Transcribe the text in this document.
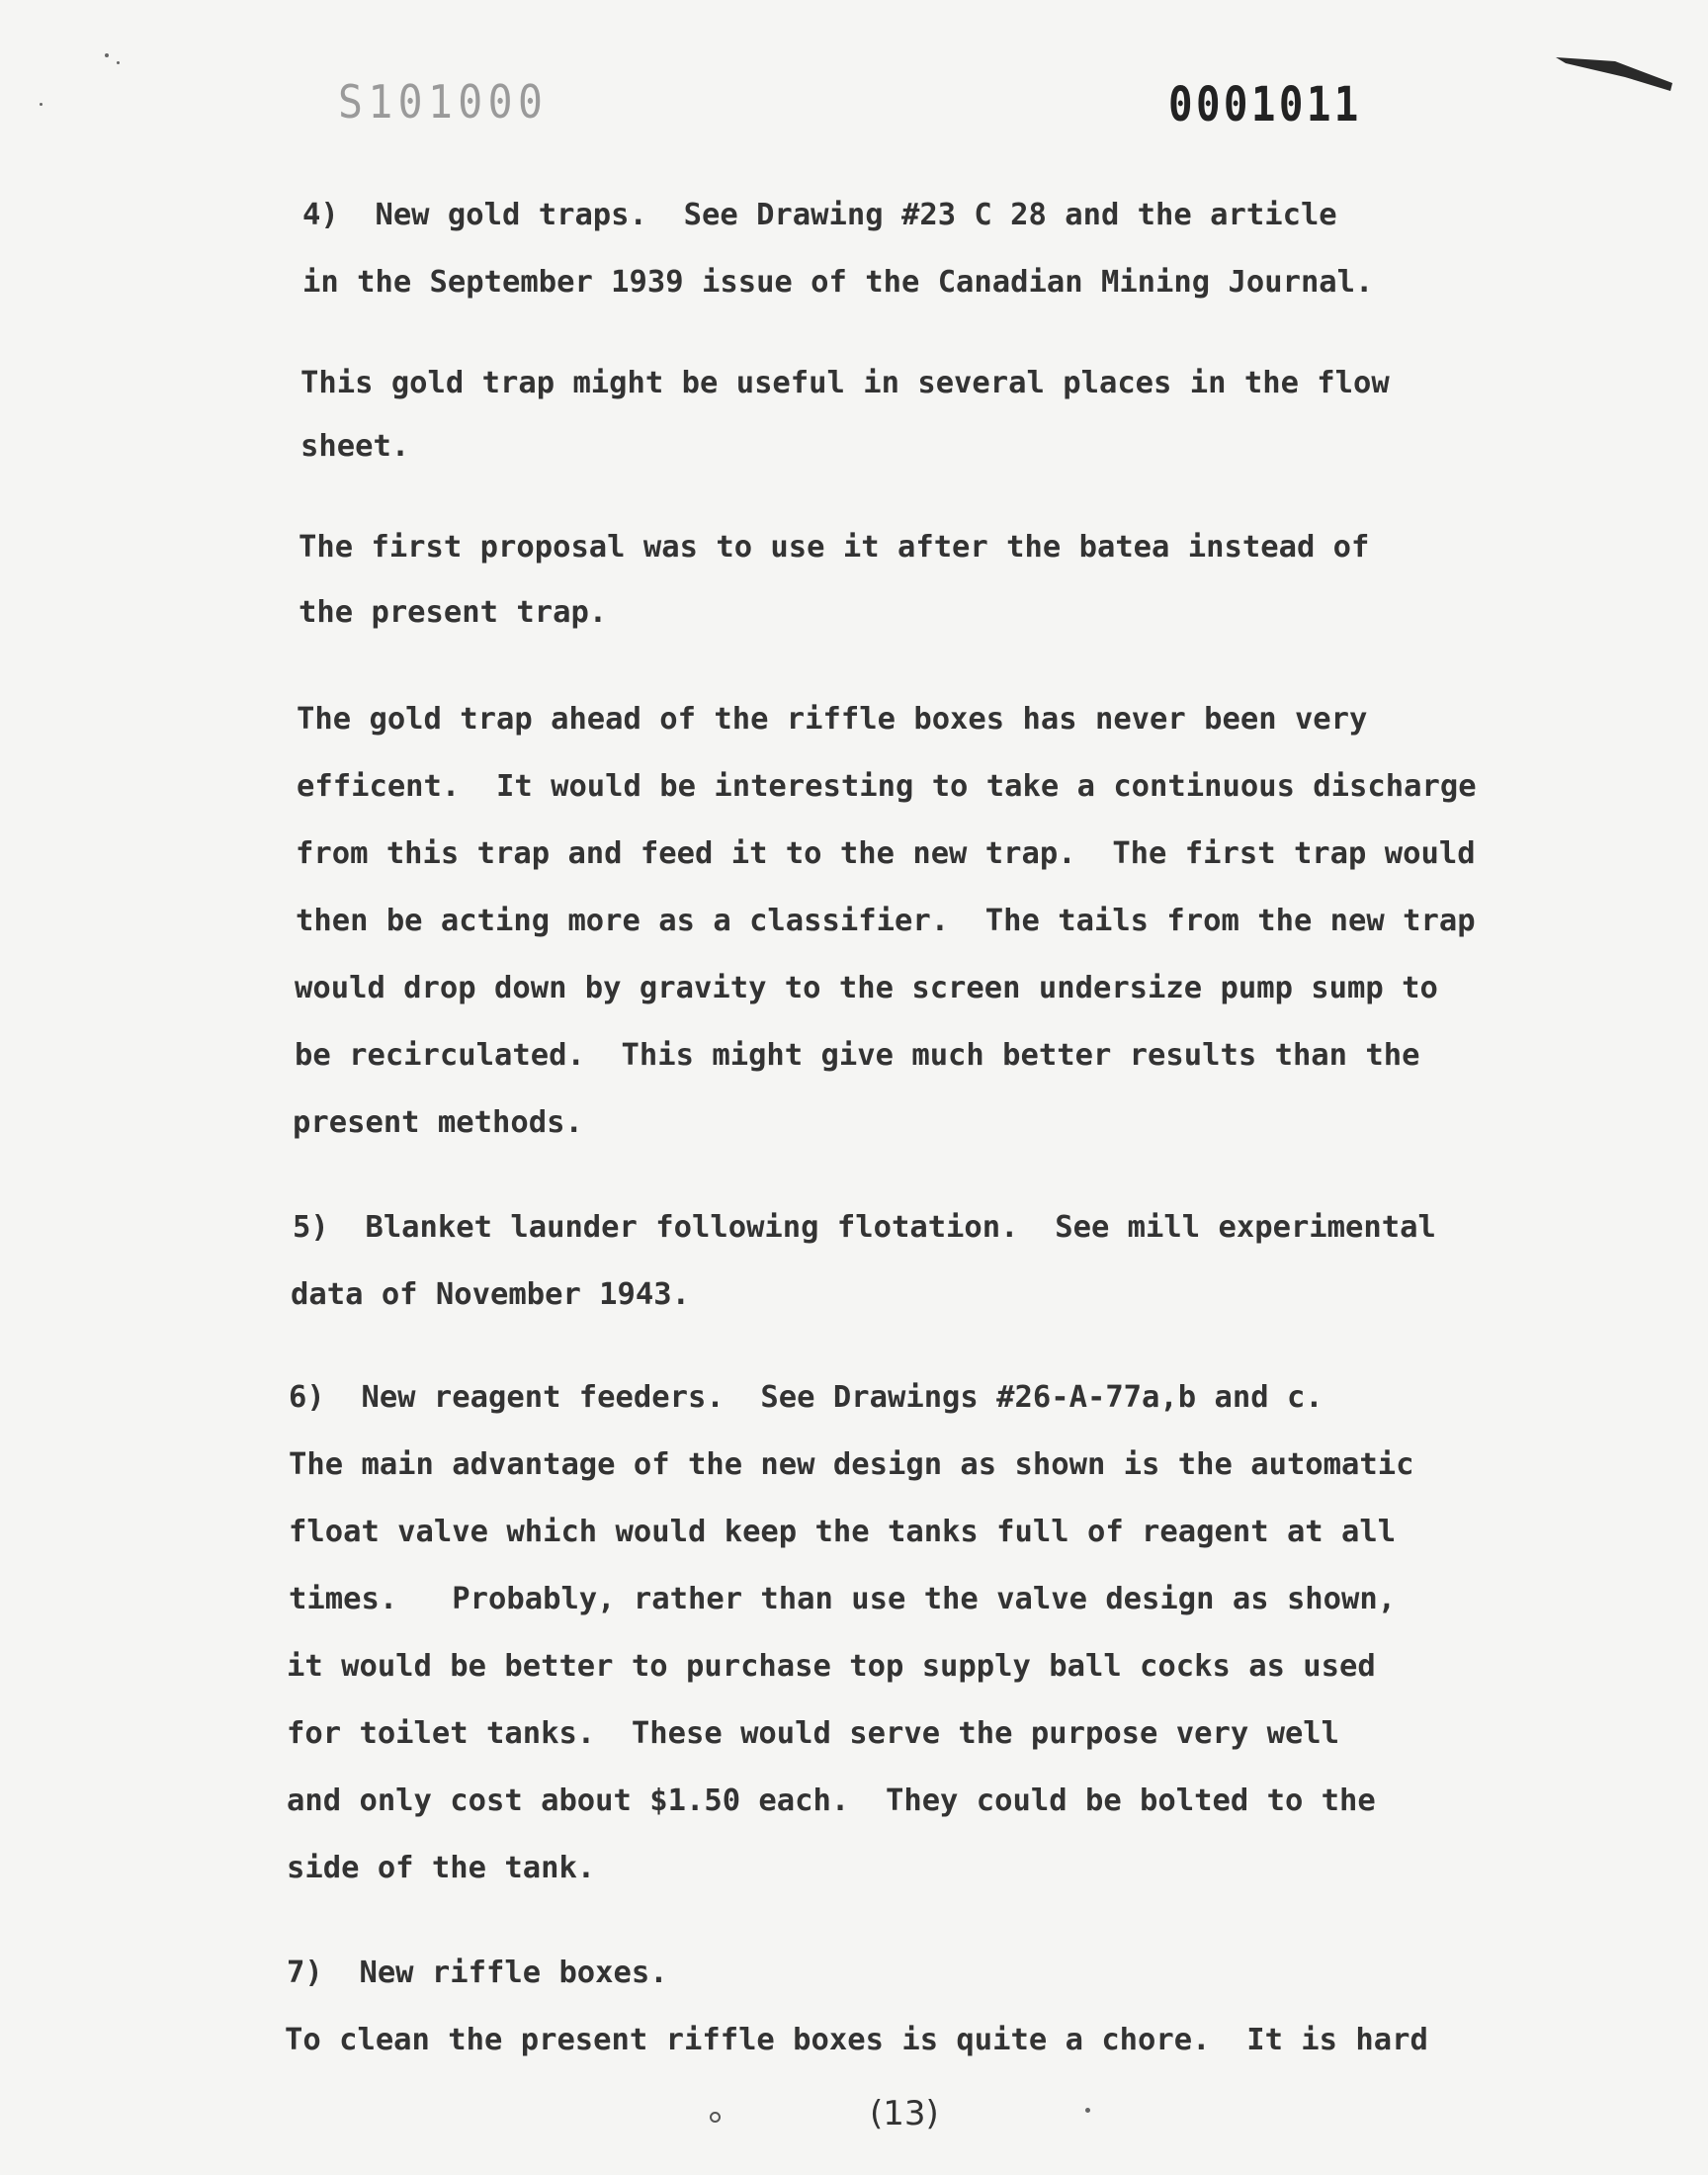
S101000	0001011
4)  New gold traps.  See Drawing #23 C 28 and the article
in the September 1939 issue of the Canadian Mining Journal.
This gold trap might be useful in several places in the flow
sheet.
The first proposal was to use it after the batea instead of
the present trap.
The gold trap ahead of the riffle boxes has never been very
efficent.  It would be interesting to take a continuous discharge
from this trap and feed it to the new trap.  The first trap would
then be acting more as a classifier.  The tails from the new trap
would drop down by gravity to the screen undersize pump sump to
be recirculated.  This might give much better results than the
present methods.
5)  Blanket launder following flotation.  See mill experimental
data of November 1943.
6)  New reagent feeders.  See Drawings #26-A-77a,b and c.
The main advantage of the new design as shown is the automatic
float valve which would keep the tanks full of reagent at all
times.   Probably, rather than use the valve design as shown,
it would be better to purchase top supply ball cocks as used
for toilet tanks.  These would serve the purpose very well
and only cost about $1.50 each.  They could be bolted to the
side of the tank.
7)  New riffle boxes.
To clean the present riffle boxes is quite a chore.  It is hard
(13)
